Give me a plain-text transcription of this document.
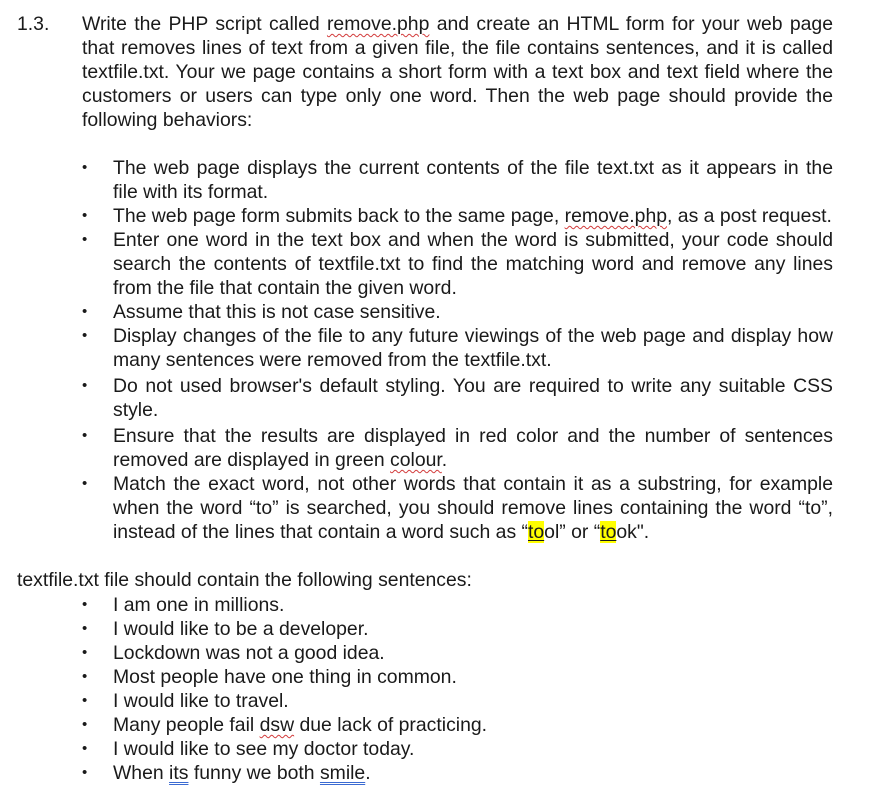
1.3. Write the PHP script called remove.php and create an HTML form for your web page that removes lines of text from a given file, the file contains sentences, and it is called textfile.txt. Your we page contains a short form with a text box and text field where the customers or users can type only one word. Then the web page should provide the following behaviors:

• The web page displays the current contents of the file text.txt as it appears in the file with its format.
• The web page form submits back to the same page, remove.php, as a post request.
• Enter one word in the text box and when the word is submitted, your code should search the contents of textfile.txt to find the matching word and remove any lines from the file that contain the given word.
• Assume that this is not case sensitive.
• Display changes of the file to any future viewings of the web page and display how many sentences were removed from the textfile.txt.
• Do not used browser's default styling. You are required to write any suitable CSS style.
• Ensure that the results are displayed in red color and the number of sentences removed are displayed in green colour.
• Match the exact word, not other words that contain it as a substring, for example when the word “to” is searched, you should remove lines containing the word “to”, instead of the lines that contain a word such as “tool” or “took".
textfile.txt file should contain the following sentences:
• I am one in millions.
• I would like to be a developer.
• Lockdown was not a good idea.
• Most people have one thing in common.
• I would like to travel.
• Many people fail dsw due lack of practicing.
• I would like to see my doctor today.
• When its funny we both smile.
